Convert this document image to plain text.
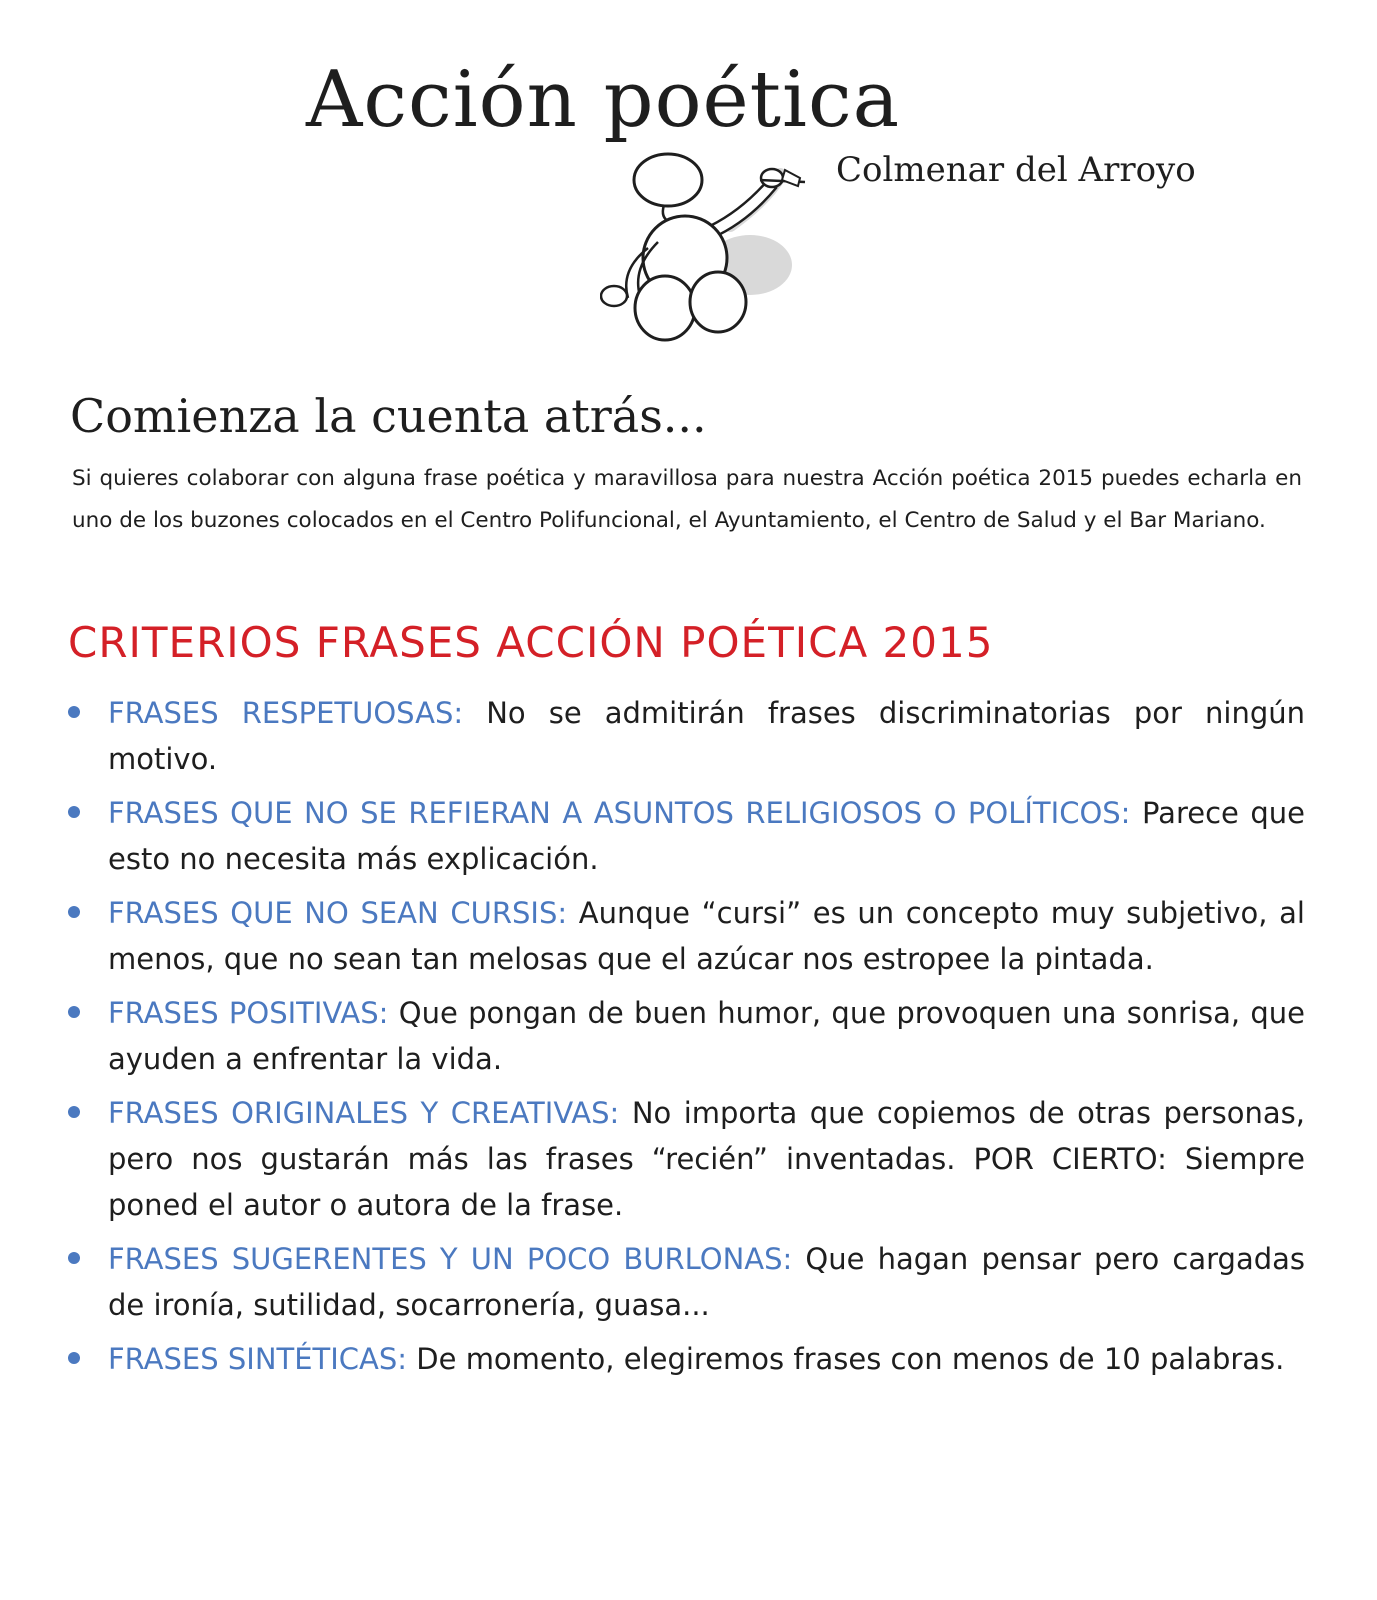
Acción poética
Colmenar del Arroyo
Comienza la cuenta atrás...

Si quieres colaborar con alguna frase poética y maravillosa para nuestra Acción poética 2015 puedes echarla en uno de los buzones colocados en el Centro Polifuncional, el Ayuntamiento, el Centro de Salud y el Bar Mariano.

CRITERIOS FRASES ACCIÓN POÉTICA 2015
FRASES RESPETUOSAS: No se admitirán frases discriminatorias por ningún motivo.
FRASES QUE NO SE REFIERAN A ASUNTOS RELIGIOSOS O POLÍTICOS: Parece que esto no necesita más explicación.
FRASES QUE NO SEAN CURSIS: Aunque “cursi” es un concepto muy subjetivo, al menos, que no sean tan melosas que el azúcar nos estropee la pintada.
FRASES POSITIVAS: Que pongan de buen humor, que provoquen una sonrisa, que ayuden a enfrentar la vida.
FRASES ORIGINALES Y CREATIVAS: No importa que copiemos de otras personas, pero nos gustarán más las frases “recién” inventadas. POR CIERTO: Siempre poned el autor o autora de la frase.
FRASES SUGERENTES Y UN POCO BURLONAS: Que hagan pensar pero cargadas de ironía, sutilidad, socarronería, guasa...
FRASES SINTÉTICAS: De momento, elegiremos frases con menos de 10 palabras.
